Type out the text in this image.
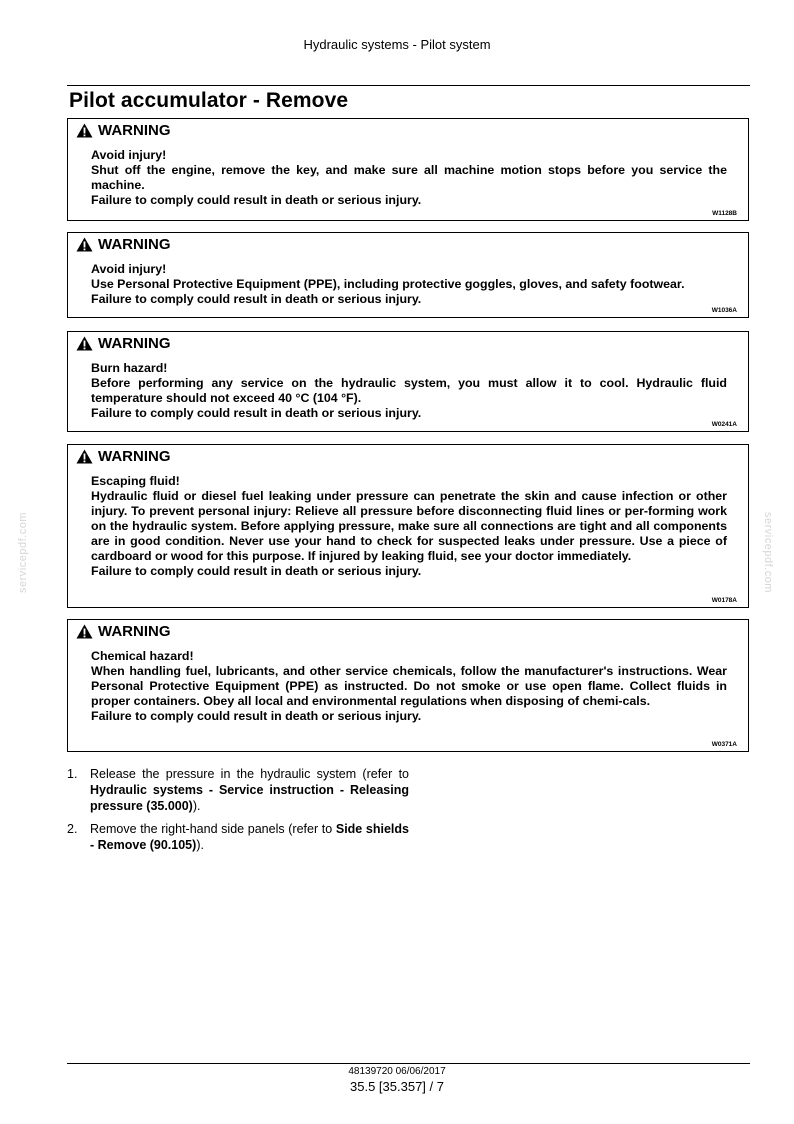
Hydraulic systems - Pilot system
Pilot accumulator - Remove
servicepdf.com	servicepdf.com
WARNING

Avoid injury!

Shut off the engine, remove the key, and make sure all machine motion stops before you service the machine.

Failure to comply could result in death or serious injury.

W1128B
WARNING

Avoid injury!

Use Personal Protective Equipment (PPE), including protective goggles, gloves, and safety footwear.

Failure to comply could result in death or serious injury.

W1036A
WARNING

Burn hazard!

Before performing any service on the hydraulic system, you must allow it to cool. Hydraulic fluid temperature should not exceed 40 °C (104 °F).

Failure to comply could result in death or serious injury.

W0241A
WARNING

Escaping fluid!

Hydraulic fluid or diesel fuel leaking under pressure can penetrate the skin and cause infection or other injury. To prevent personal injury: Relieve all pressure before disconnecting fluid lines or per-forming work on the hydraulic system. Before applying pressure, make sure all connections are tight and all components are in good condition. Never use your hand to check for suspected leaks under pressure. Use a piece of cardboard or wood for this purpose. If injured by leaking fluid, see your doctor immediately.

Failure to comply could result in death or serious injury.

W0178A
WARNING

Chemical hazard!

When handling fuel, lubricants, and other service chemicals, follow the manufacturer's instructions. Wear Personal Protective Equipment (PPE) as instructed. Do not smoke or use open flame. Collect fluids in proper containers. Obey all local and environmental regulations when disposing of chemi-cals.

Failure to comply could result in death or serious injury.

W0371A
1. Release the pressure in the hydraulic system (refer to Hydraulic systems - Service instruction - Releasing pressure (35.000)).
2. Remove the right-hand side panels (refer to Side shields - Remove (90.105)).
48139720 06/06/2017
35.5 [35.357] / 7
